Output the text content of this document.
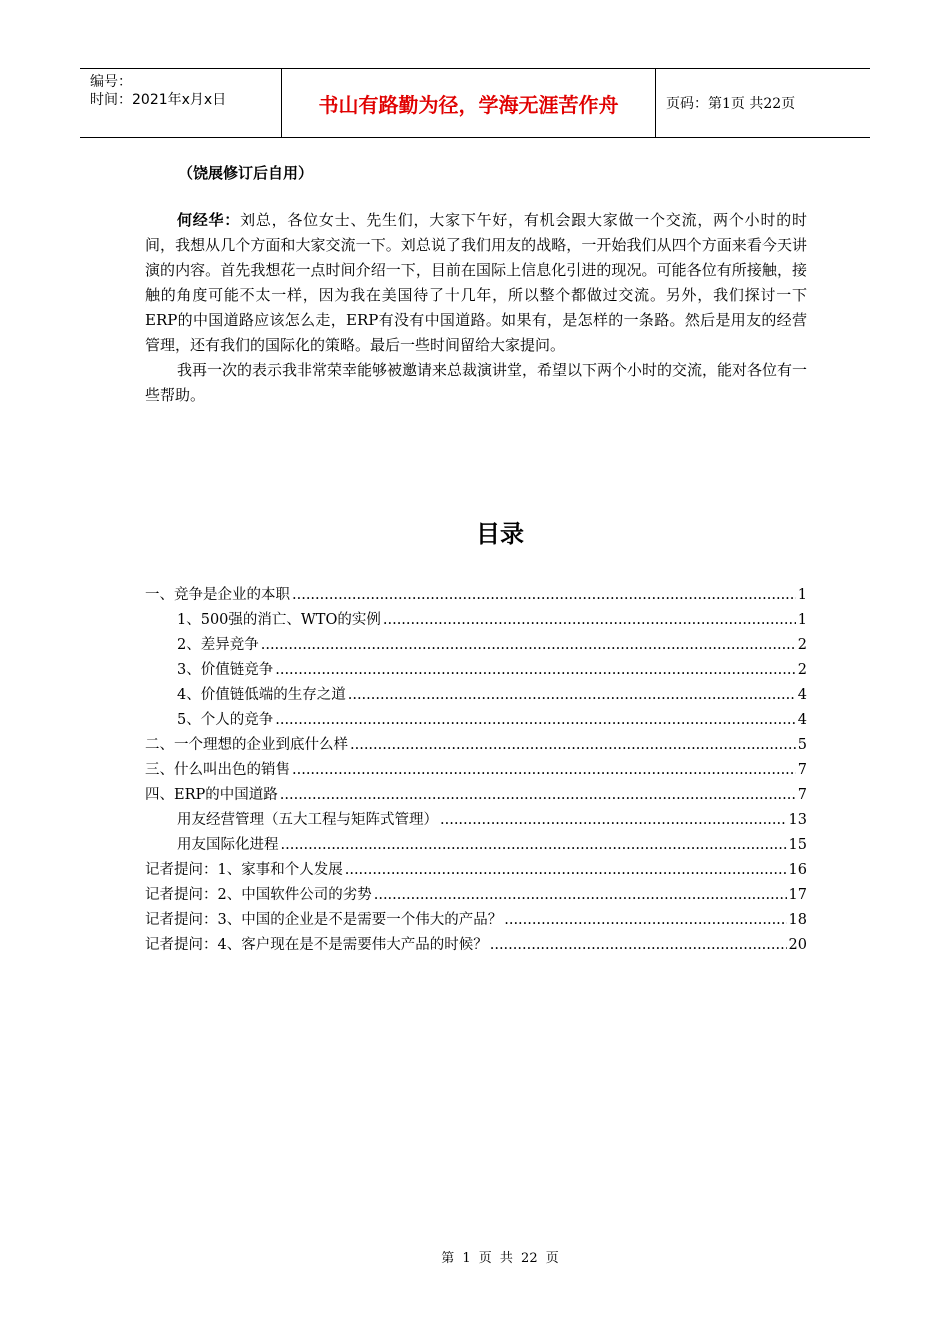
编号：
时间：2021年x月x日	书山有路勤为径，学海无涯苦作舟	页码：第1页 共22页
（饶展修订后自用）

何经华：刘总，各位女士、先生们，大家下午好，有机会跟大家做一个交流，两个小时的时间，我想从几个方面和大家交流一下。刘总说了我们用友的战略，一开始我们从四个方面来看今天讲演的内容。首先我想花一点时间介绍一下，目前在国际上信息化引进的现况。可能各位有所接触，接触的角度可能不太一样，因为我在美国待了十几年，所以整个都做过交流。另外，我们探讨一下ERP的中国道路应该怎么走，ERP有没有中国道路。如果有，是怎样的一条路。然后是用友的经营管理，还有我们的国际化的策略。最后一些时间留给大家提问。

我再一次的表示我非常荣幸能够被邀请来总裁演讲堂，希望以下两个小时的交流，能对各位有一些帮助。

目录
一、竞争是企业的本职 .....	1
1、500强的消亡、WTO的实例 .....	1
2、差异竞争 .....	2
3、价值链竞争 .....	2
4、价值链低端的生存之道 .....	4
5、个人的竞争 .....	4
二、一个理想的企业到底什么样 .....	5
三、什么叫出色的销售 .....	7
四、ERP的中国道路 .....	7
用友经营管理（五大工程与矩阵式管理） .....	13
用友国际化进程 .....	15
记者提问：1、家事和个人发展 .....	16
记者提问：2、中国软件公司的劣势 .....	17
记者提问：3、中国的企业是不是需要一个伟大的产品？ .....	18
记者提问：4、客户现在是不是需要伟大产品的时候？ .....	20
第 1 页 共 22 页
